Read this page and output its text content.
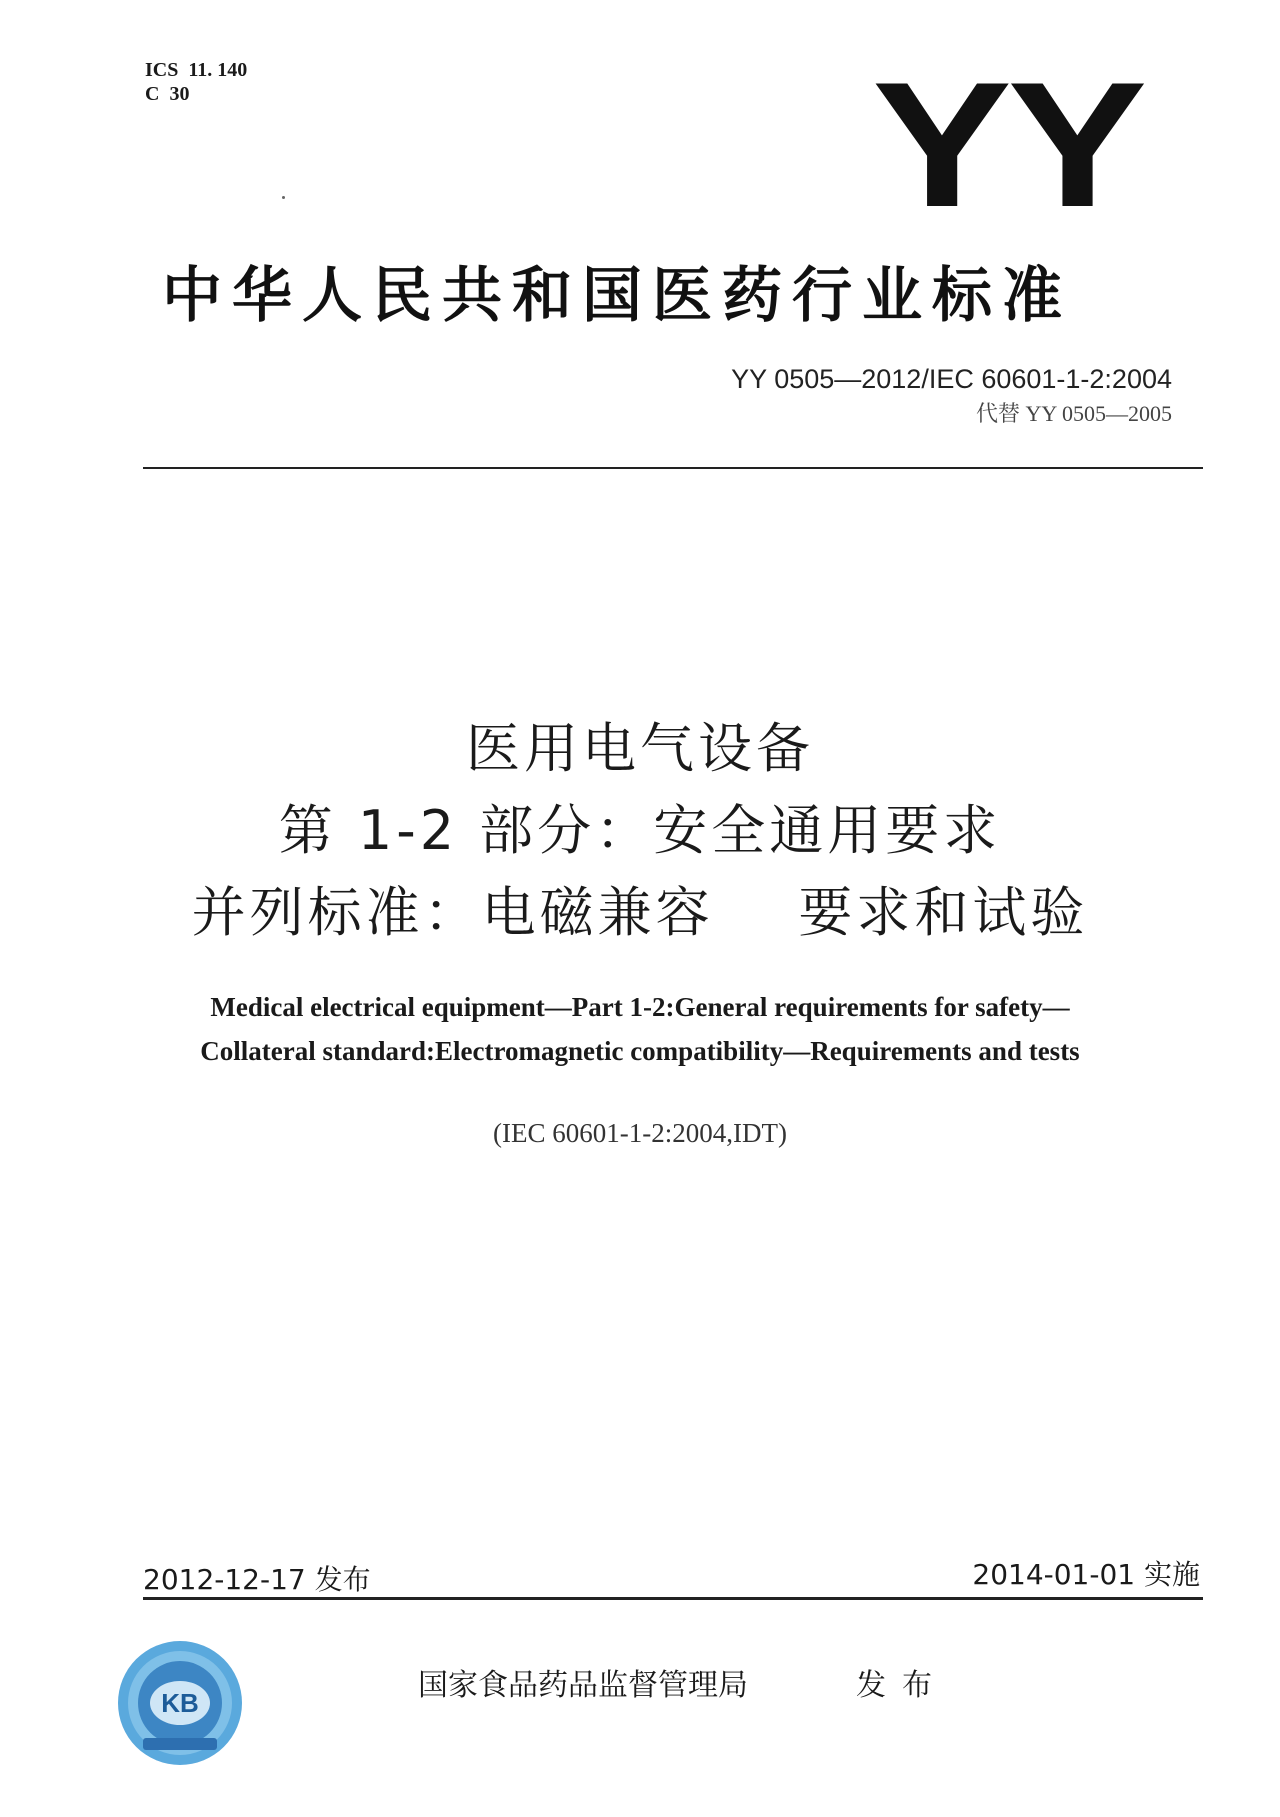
ICS  11. 140
C  30	YY
中华人民共和国医药行业标准
YY 0505—2012/IEC 60601-1-2:2004
代替 YY 0505—2005
医用电气设备
第 1-2 部分：安全通用要求
并列标准：电磁兼容    要求和试验
Medical electrical equipment—Part 1-2:General requirements for safety—
Collateral standard:Electromagnetic compatibility—Requirements and tests
(IEC 60601-1-2:2004,IDT)
2012-12-17 发布	2014-01-01 实施
KB	国家食品药品监督管理局	发布
